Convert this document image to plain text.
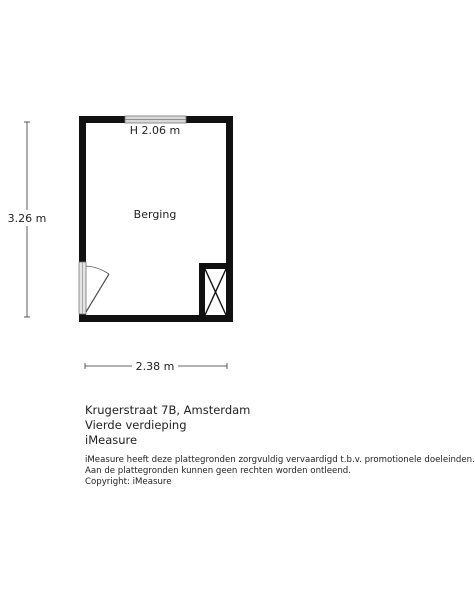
3.26 m
2.38 m
H 2.06 m
Berging
Krugerstraat 7B, Amsterdam
Vierde verdieping
iMeasure
iMeasure heeft deze plattegronden zorgvuldig vervaardigd t.b.v. promotionele doeleinden.
Aan de plattegronden kunnen geen rechten worden ontleend.
Copyright: iMeasure
